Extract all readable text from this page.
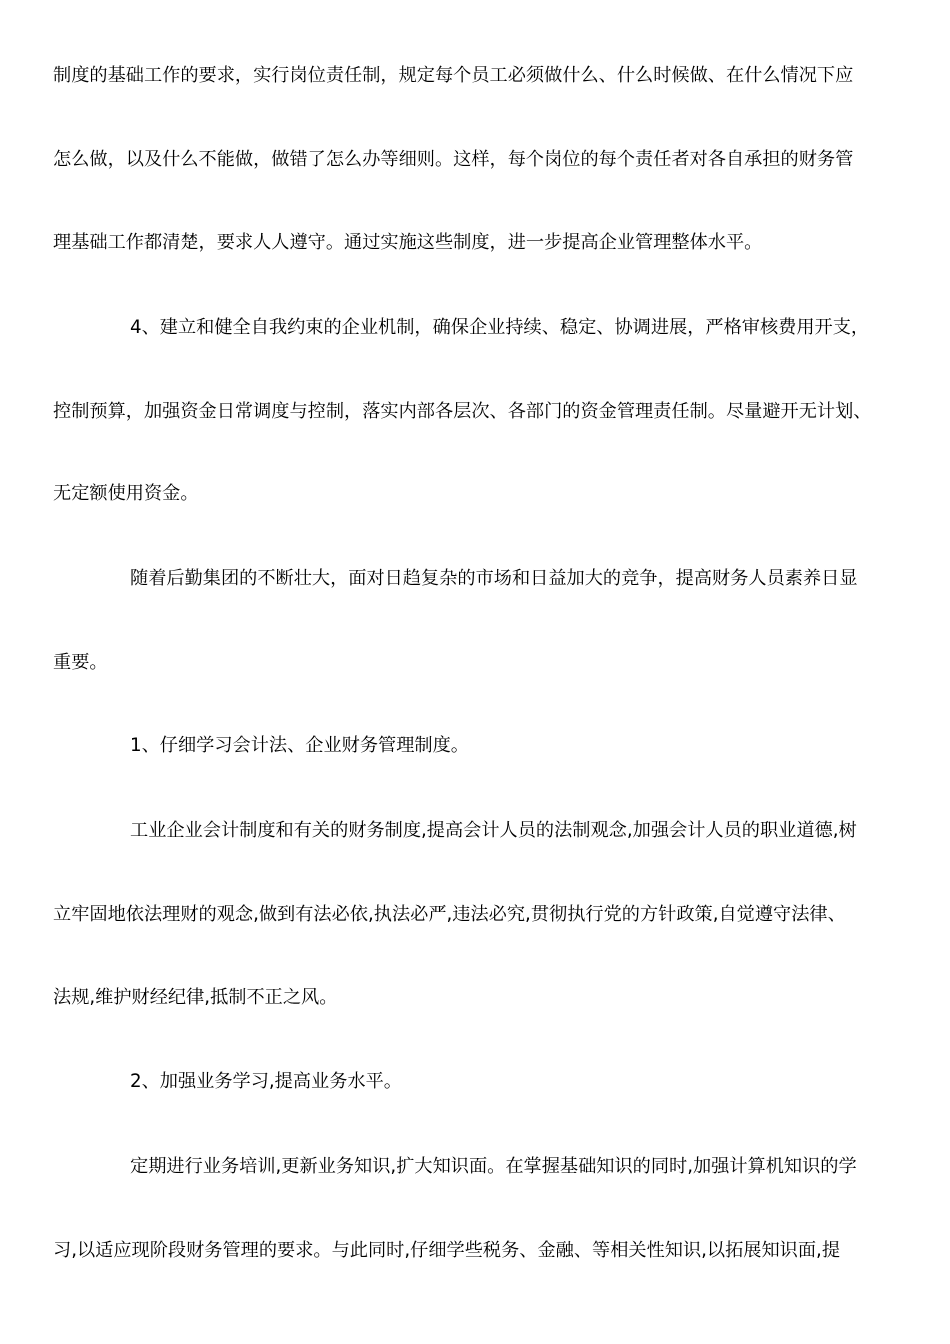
制度的基础工作的要求，实行岗位责任制，规定每个员工必须做什么、什么时候做、在什么情况下应
怎么做，以及什么不能做，做错了怎么办等细则。这样，每个岗位的每个责任者对各自承担的财务管
理基础工作都清楚，要求人人遵守。通过实施这些制度，进一步提高企业管理整体水平。
4、建立和健全自我约束的企业机制，确保企业持续、稳定、协调进展，严格审核费用开支，
控制预算，加强资金日常调度与控制，落实内部各层次、各部门的资金管理责任制。尽量避开无计划、
无定额使用资金。
随着后勤集团的不断壮大，面对日趋复杂的市场和日益加大的竞争，提高财务人员素养日显
重要。
1、仔细学习会计法、企业财务管理制度。
工业企业会计制度和有关的财务制度,提高会计人员的法制观念,加强会计人员的职业道德,树
立牢固地依法理财的观念,做到有法必依,执法必严,违法必究,贯彻执行党的方针政策,自觉遵守法律、
法规,维护财经纪律,抵制不正之风。
2、加强业务学习,提高业务水平。
定期进行业务培训,更新业务知识,扩大知识面。在掌握基础知识的同时,加强计算机知识的学
习,以适应现阶段财务管理的要求。与此同时,仔细学些税务、金融、等相关性知识,以拓展知识面,提
